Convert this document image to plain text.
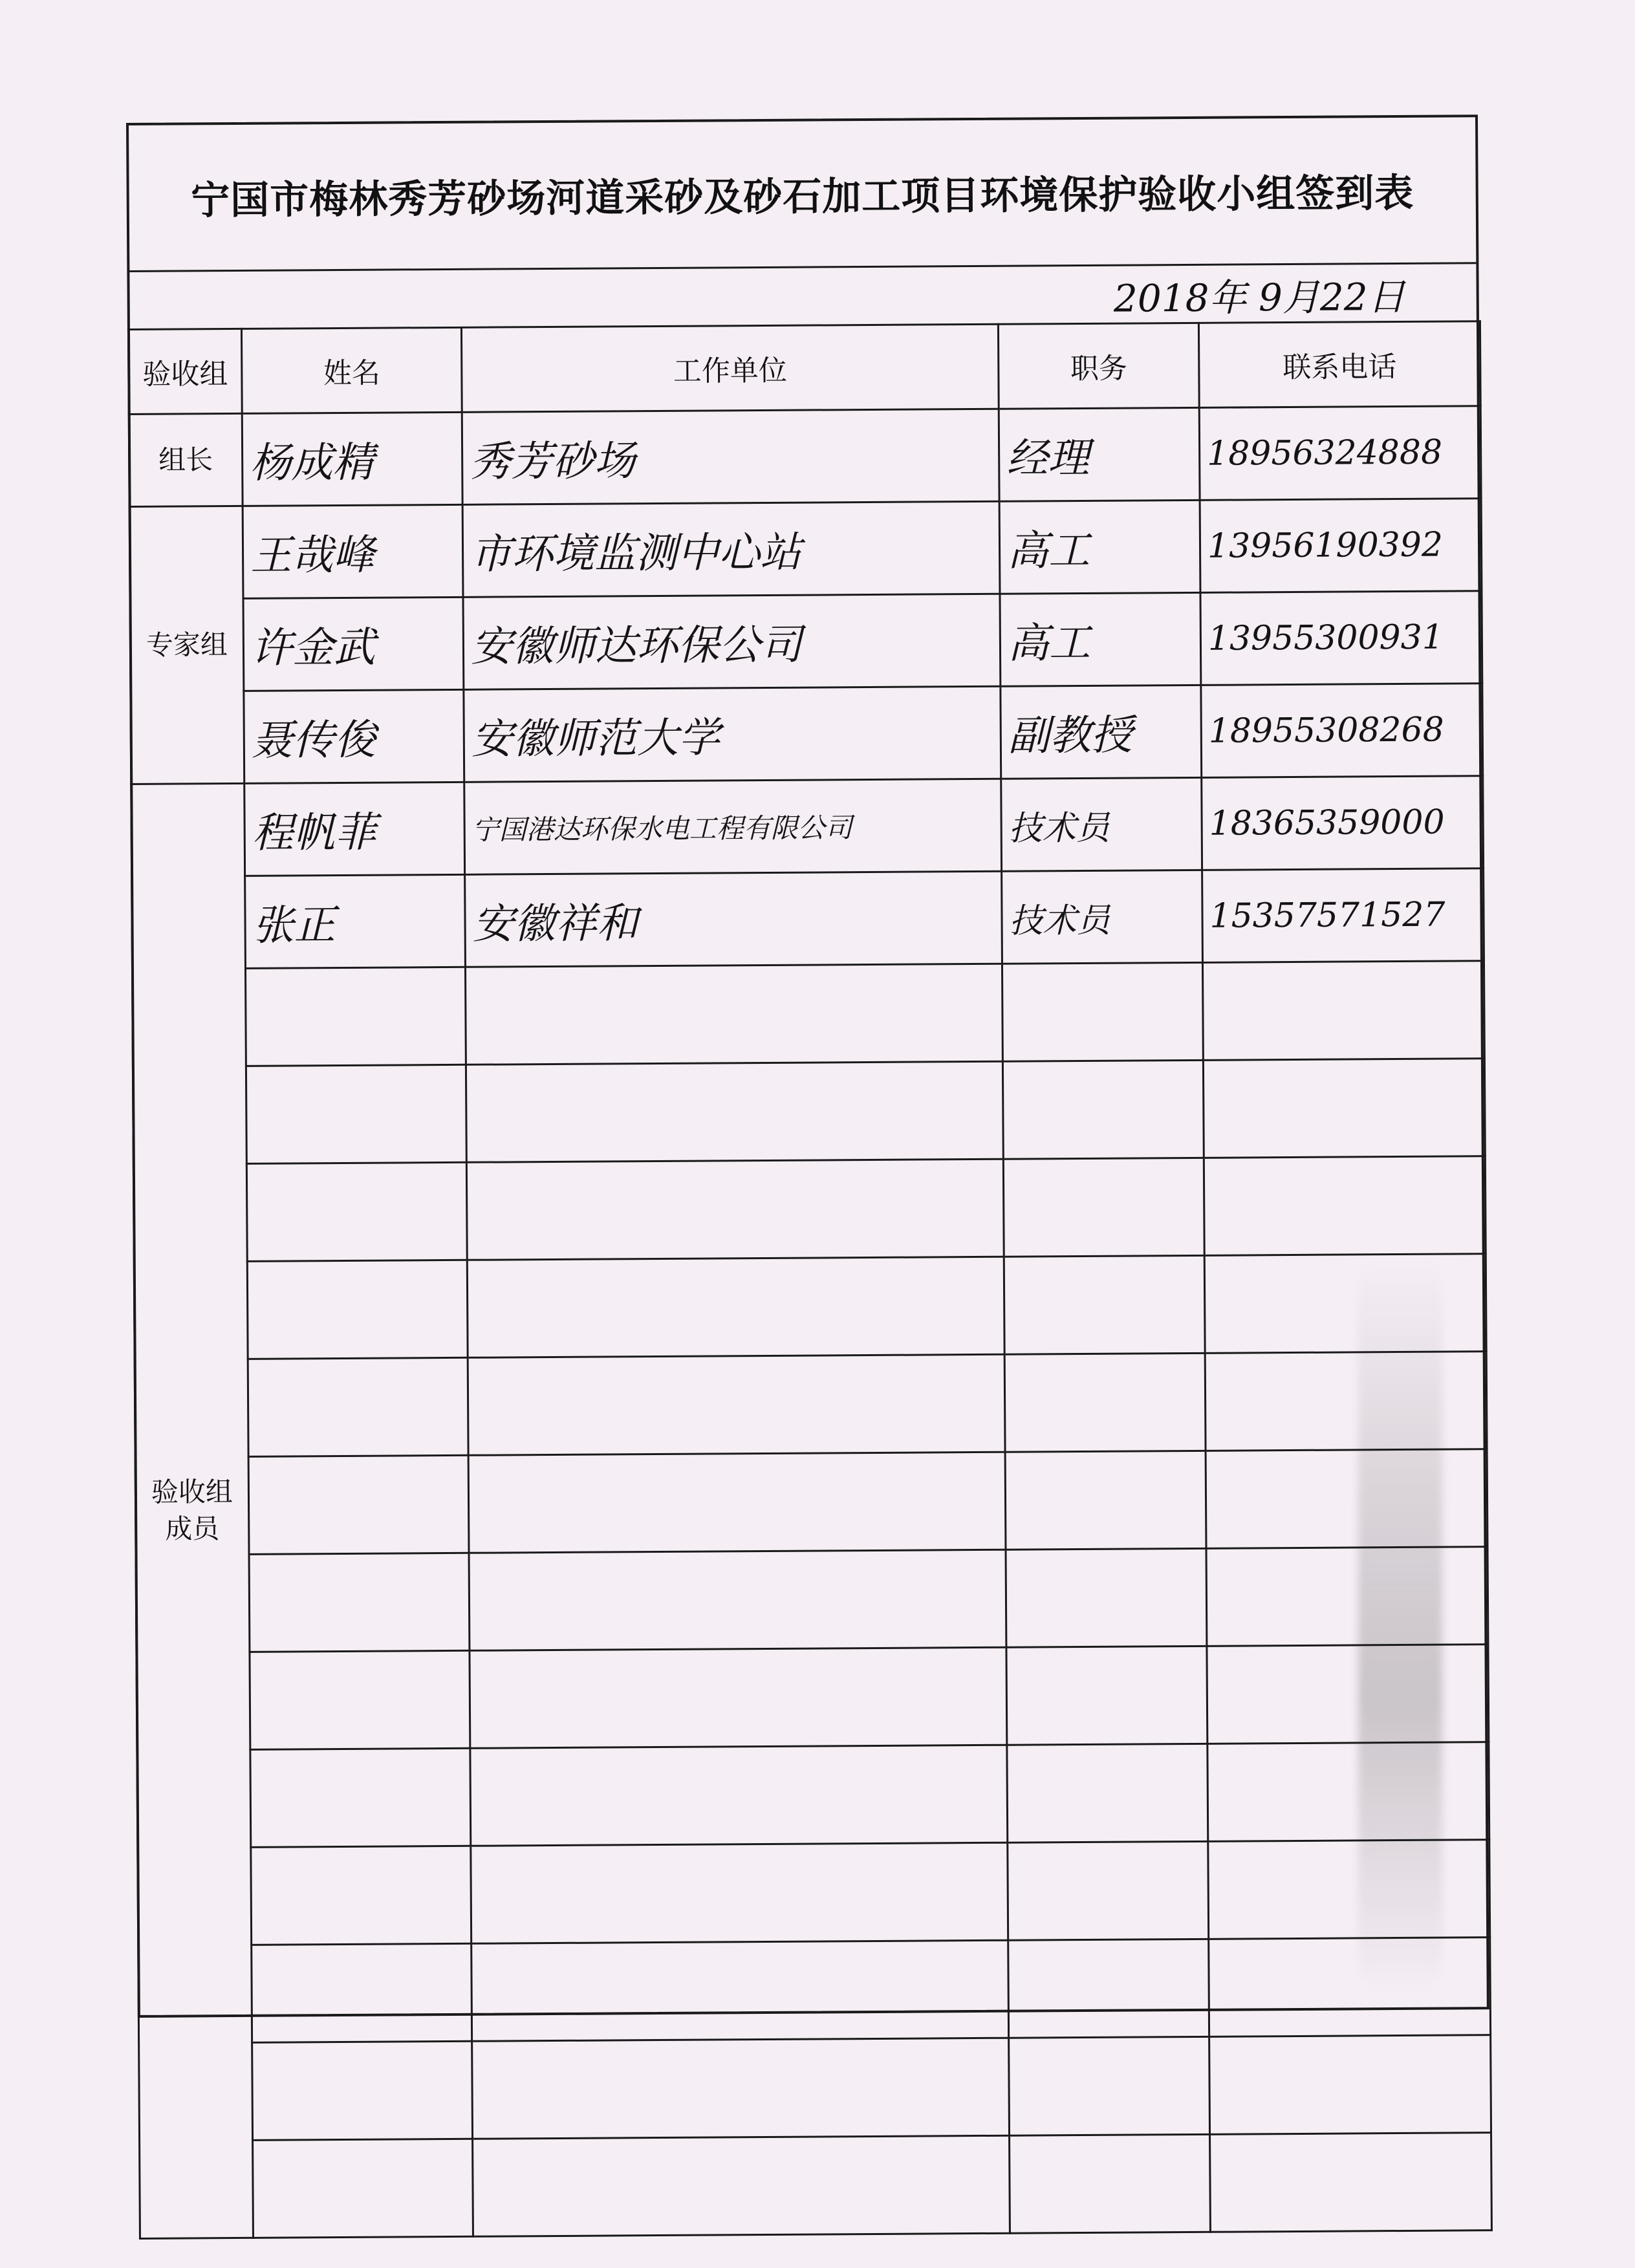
宁国市梅林秀芳砂场河道采砂及砂石加工项目环境保护验收小组签到表
2018年 9月22日
验收组	姓名	工作单位	职务	联系电话
组长	杨成精	秀芳砂场	经理	18956324888
专家组	王哉峰	市环境监测中心站	高工	13956190392
	许金武	安徽师达环保公司	高工	13955300931
	聂传俊	安徽师范大学	副教授	18955308268

验收组
成员	程帆菲	宁国港达环保水电工程有限公司	技术员	18365359000
	张正	安徽祥和	技术员	15357571527
